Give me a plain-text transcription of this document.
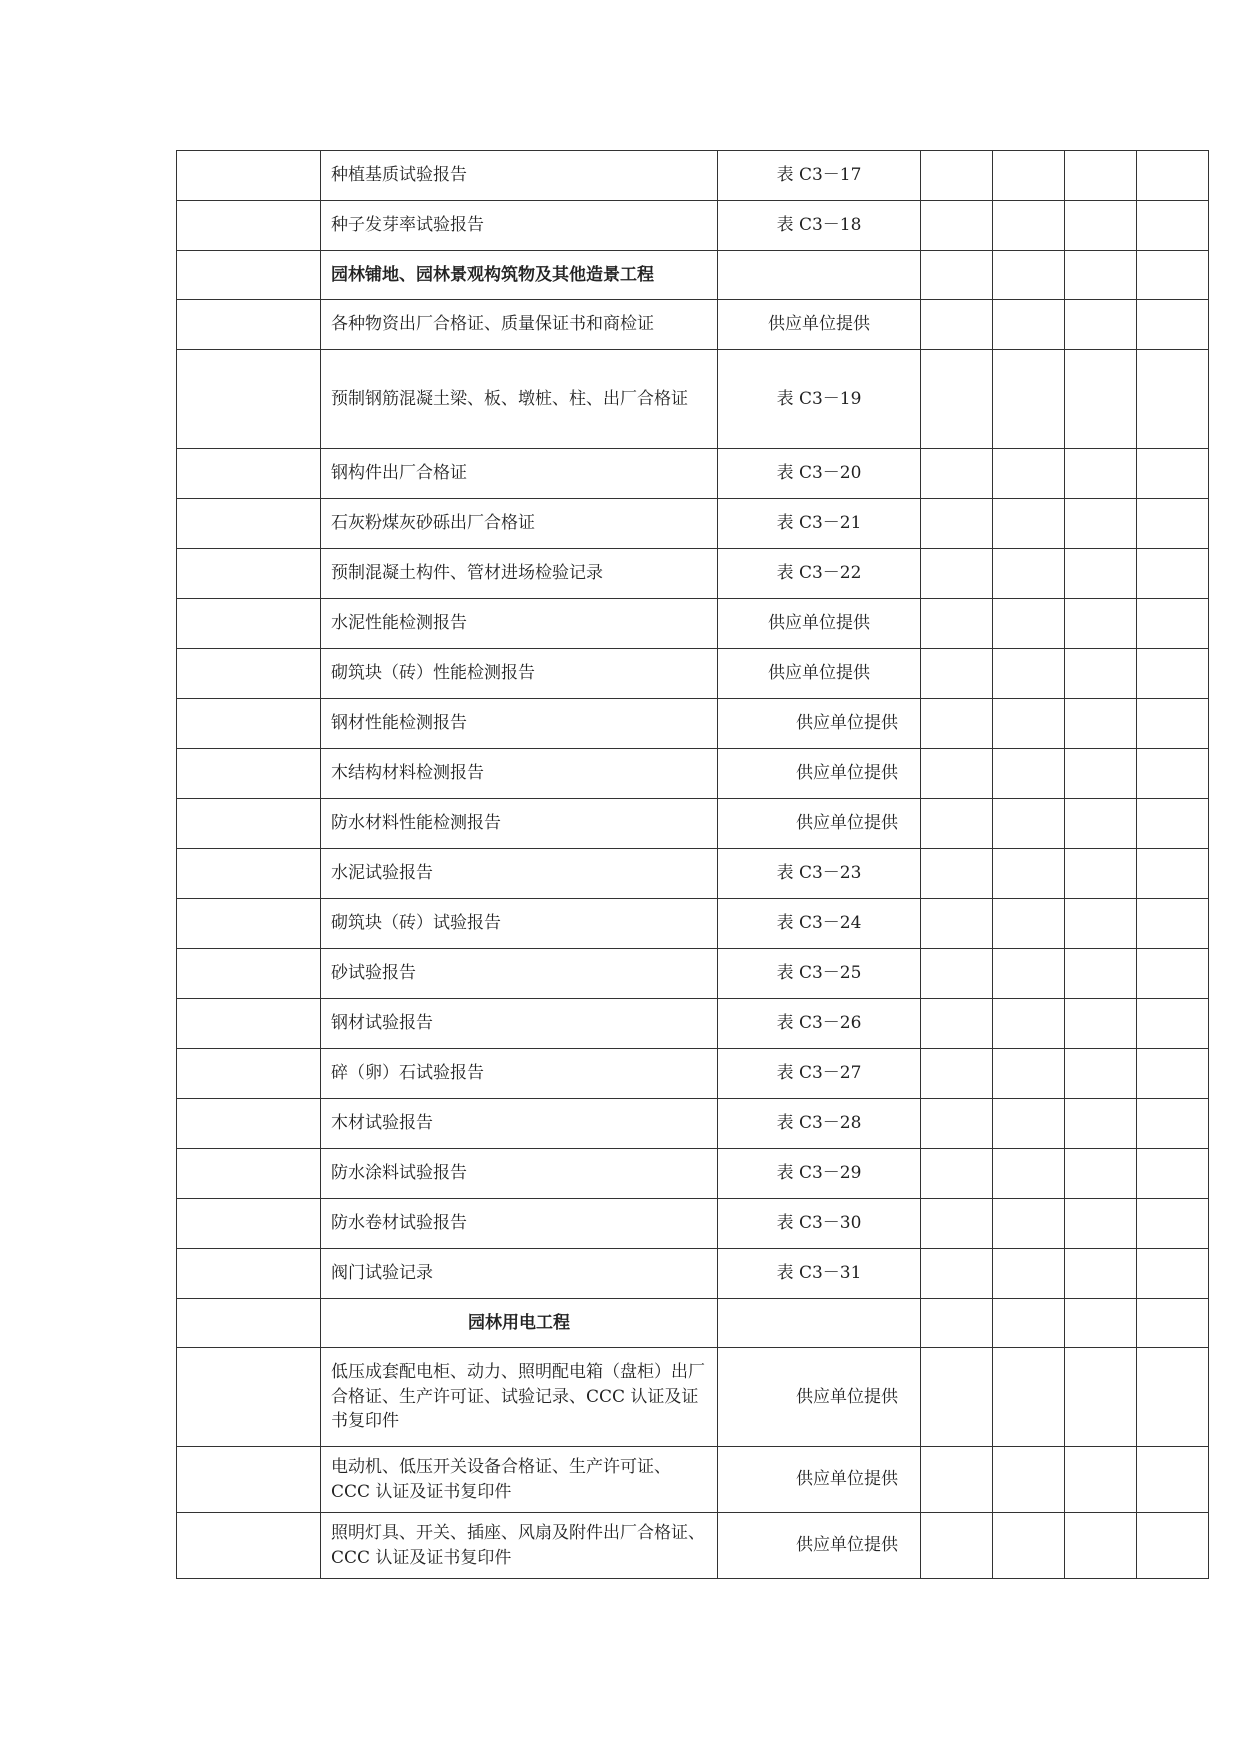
	种植基质试验报告	表 C3－17				
	种子发芽率试验报告	表 C3－18				
	园林铺地、园林景观构筑物及其他造景工程					
	各种物资出厂合格证、质量保证书和商检证	供应单位提供				
	预制钢筋混凝土梁、板、墩桩、柱、出厂合格证	表 C3－19				
	钢构件出厂合格证	表 C3－20				
	石灰粉煤灰砂砾出厂合格证	表 C3－21				
	预制混凝土构件、管材进场检验记录	表 C3－22				
	水泥性能检测报告	供应单位提供				
	砌筑块（砖）性能检测报告	供应单位提供				
	钢材性能检测报告	供应单位提供				
	木结构材料检测报告	供应单位提供				
	防水材料性能检测报告	供应单位提供				
	水泥试验报告	表 C3－23				
	砌筑块（砖）试验报告	表 C3－24				
	砂试验报告	表 C3－25				
	钢材试验报告	表 C3－26				
	碎（卵）石试验报告	表 C3－27				
	木材试验报告	表 C3－28				
	防水涂料试验报告	表 C3－29				
	防水卷材试验报告	表 C3－30				
	阀门试验记录	表 C3－31				
	园林用电工程					
	低压成套配电柜、动力、照明配电箱（盘柜）出厂合格证、生产许可证、试验记录、CCC 认证及证书复印件	供应单位提供				
	电动机、低压开关设备合格证、生产许可证、CCC 认证及证书复印件	供应单位提供				
	照明灯具、开关、插座、风扇及附件出厂合格证、CCC 认证及证书复印件	供应单位提供				
